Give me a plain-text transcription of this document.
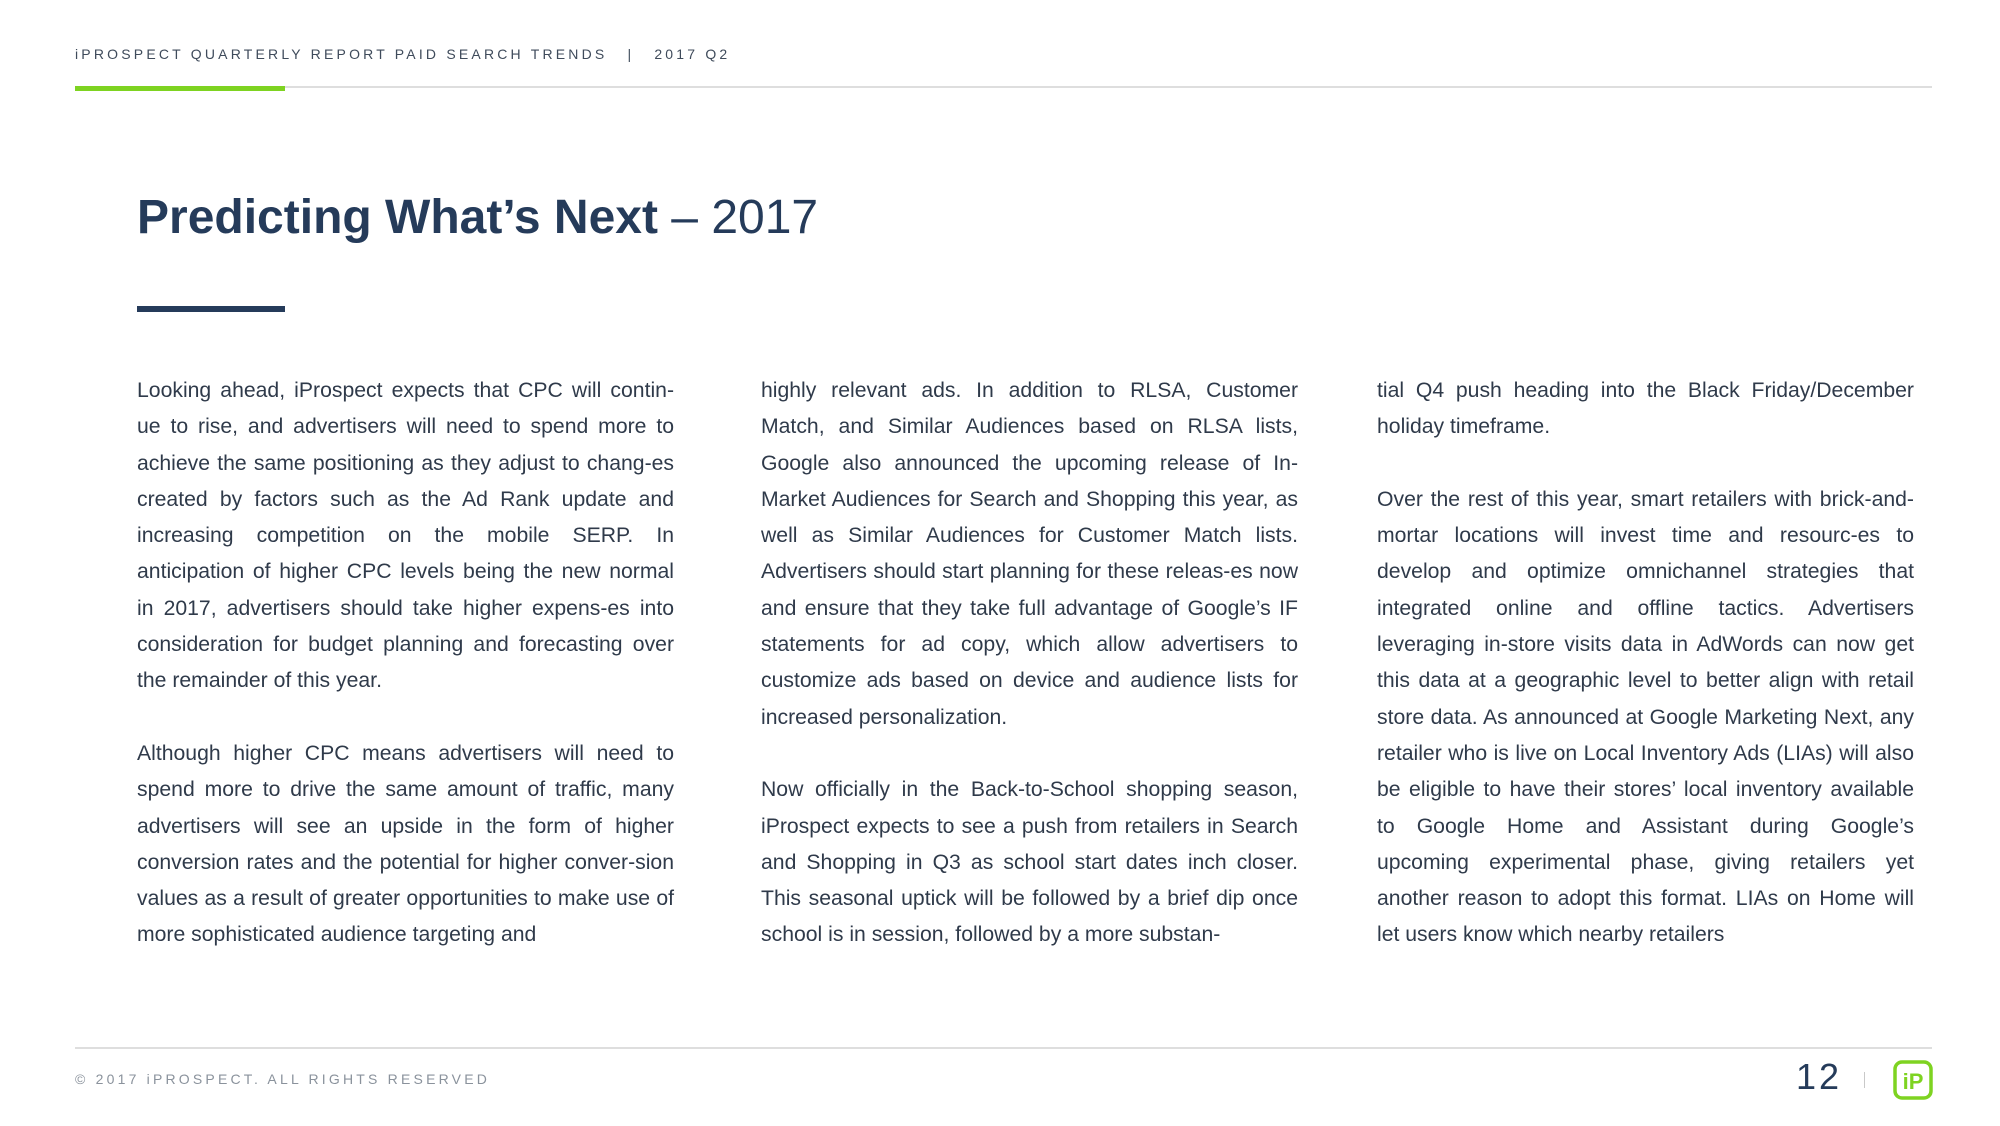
iPROSPECT QUARTERLY REPORT PAID SEARCH TRENDS | 2017 Q2
Predicting What’s Next – 2017

Looking ahead, iProspect expects that CPC will contin-ue to rise, and advertisers will need to spend more to achieve the same positioning as they adjust to chang-es created by factors such as the Ad Rank update and increasing competition on the mobile SERP. In anticipation of higher CPC levels being the new normal in 2017, advertisers should take higher expens-es into consideration for budget planning and forecasting over the remainder of this year.

Although higher CPC means advertisers will need to spend more to drive the same amount of traffic, many advertisers will see an upside in the form of higher conversion rates and the potential for higher conver-sion values as a result of greater opportunities to make use of more sophisticated audience targeting and

highly relevant ads. In addition to RLSA, Customer Match, and Similar Audiences based on RLSA lists, Google also announced the upcoming release of In-Market Audiences for Search and Shopping this year, as well as Similar Audiences for Customer Match lists. Advertisers should start planning for these releas-es now and ensure that they take full advantage of Google’s IF statements for ad copy, which allow advertisers to customize ads based on device and audience lists for increased personalization.

Now officially in the Back-to-School shopping season, iProspect expects to see a push from retailers in Search and Shopping in Q3 as school start dates inch closer. This seasonal uptick will be followed by a brief dip once school is in session, followed by a more substan-

tial Q4 push heading into the Black Friday/December holiday timeframe.

Over the rest of this year, smart retailers with brick-and-mortar locations will invest time and resourc-es to develop and optimize omnichannel strategies that integrated online and offline tactics. Advertisers leveraging in-store visits data in AdWords can now get this data at a geographic level to better align with retail store data. As announced at Google Marketing Next, any retailer who is live on Local Inventory Ads (LIAs) will also be eligible to have their stores’ local inventory available to Google Home and Assistant during Google’s upcoming experimental phase, giving retailers yet another reason to adopt this format. LIAs on Home will let users know which nearby retailers

© 2017 iPROSPECT. ALL RIGHTS RESERVED	12	iP
